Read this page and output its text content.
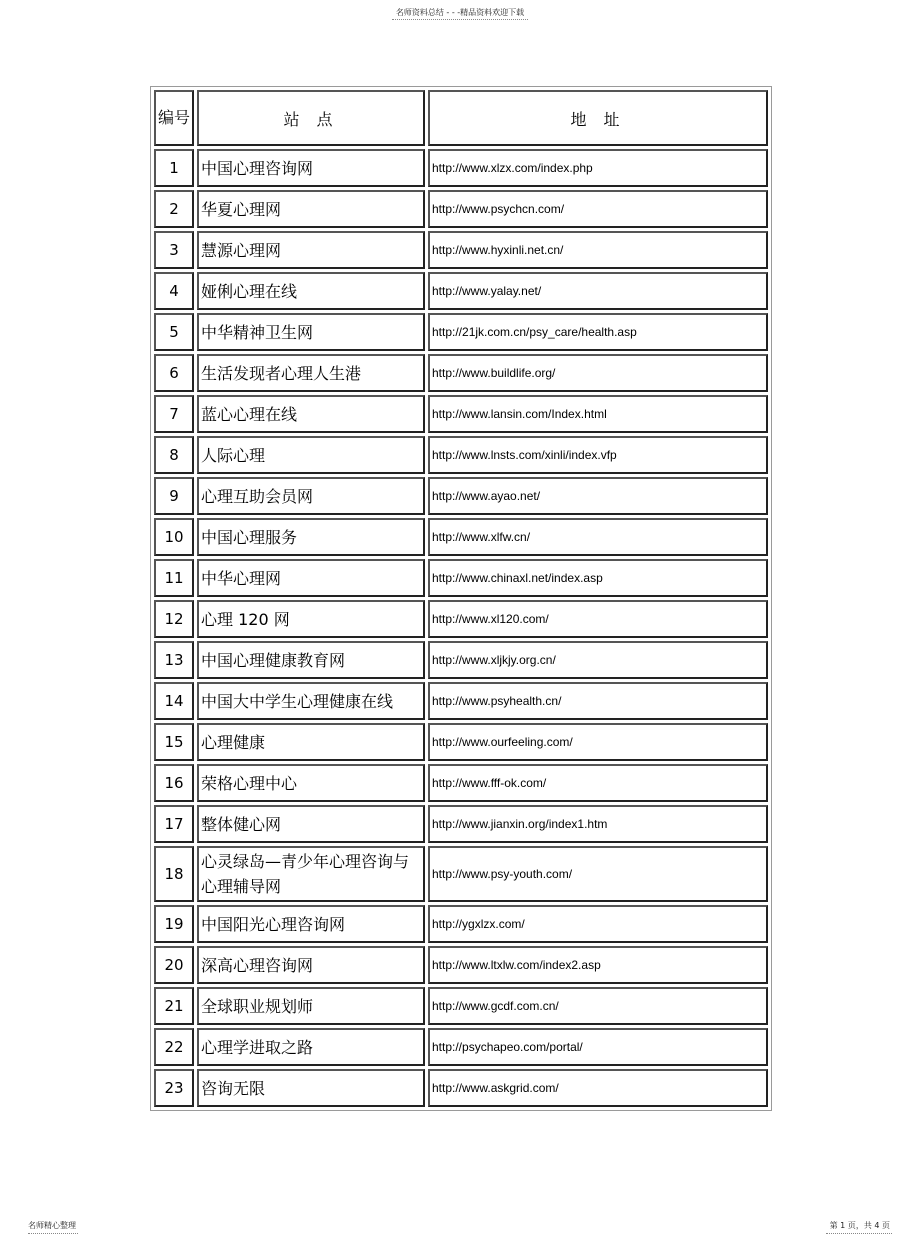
名师资料总结 - - -精品资料欢迎下载
编号	站 点	地 址
1	中国心理咨询网	http://www.xlzx.com/index.php
2	华夏心理网	http://www.psychcn.com/
3	慧源心理网	http://www.hyxinli.net.cn/
4	娅俐心理在线	http://www.yalay.net/
5	中华精神卫生网	http://21jk.com.cn/psy_care/health.asp
6	生活发现者心理人生港	http://www.buildlife.org/
7	蓝心心理在线	http://www.lansin.com/Index.html
8	人际心理	http://www.lnsts.com/xinli/index.vfp
9	心理互助会员网	http://www.ayao.net/
10	中国心理服务	http://www.xlfw.cn/
11	中华心理网	http://www.chinaxl.net/index.asp
12	心理 120 网	http://www.xl120.com/
13	中国心理健康教育网	http://www.xljkjy.org.cn/
14	中国大中学生心理健康在线	http://www.psyhealth.cn/
15	心理健康	http://www.ourfeeling.com/
16	荣格心理中心	http://www.fff-ok.com/
17	整体健心网	http://www.jianxin.org/index1.htm
18	心灵绿岛—青少年心理咨询与心理辅导网	http://www.psy-youth.com/
19	中国阳光心理咨询网	http://ygxlzx.com/
20	深高心理咨询网	http://www.ltxlw.com/index2.asp
21	全球职业规划师	http://www.gcdf.com.cn/
22	心理学进取之路	http://psychapeo.com/portal/
23	咨询无限	http://www.askgrid.com/
名师精心整理	第 1 页，共 4 页
